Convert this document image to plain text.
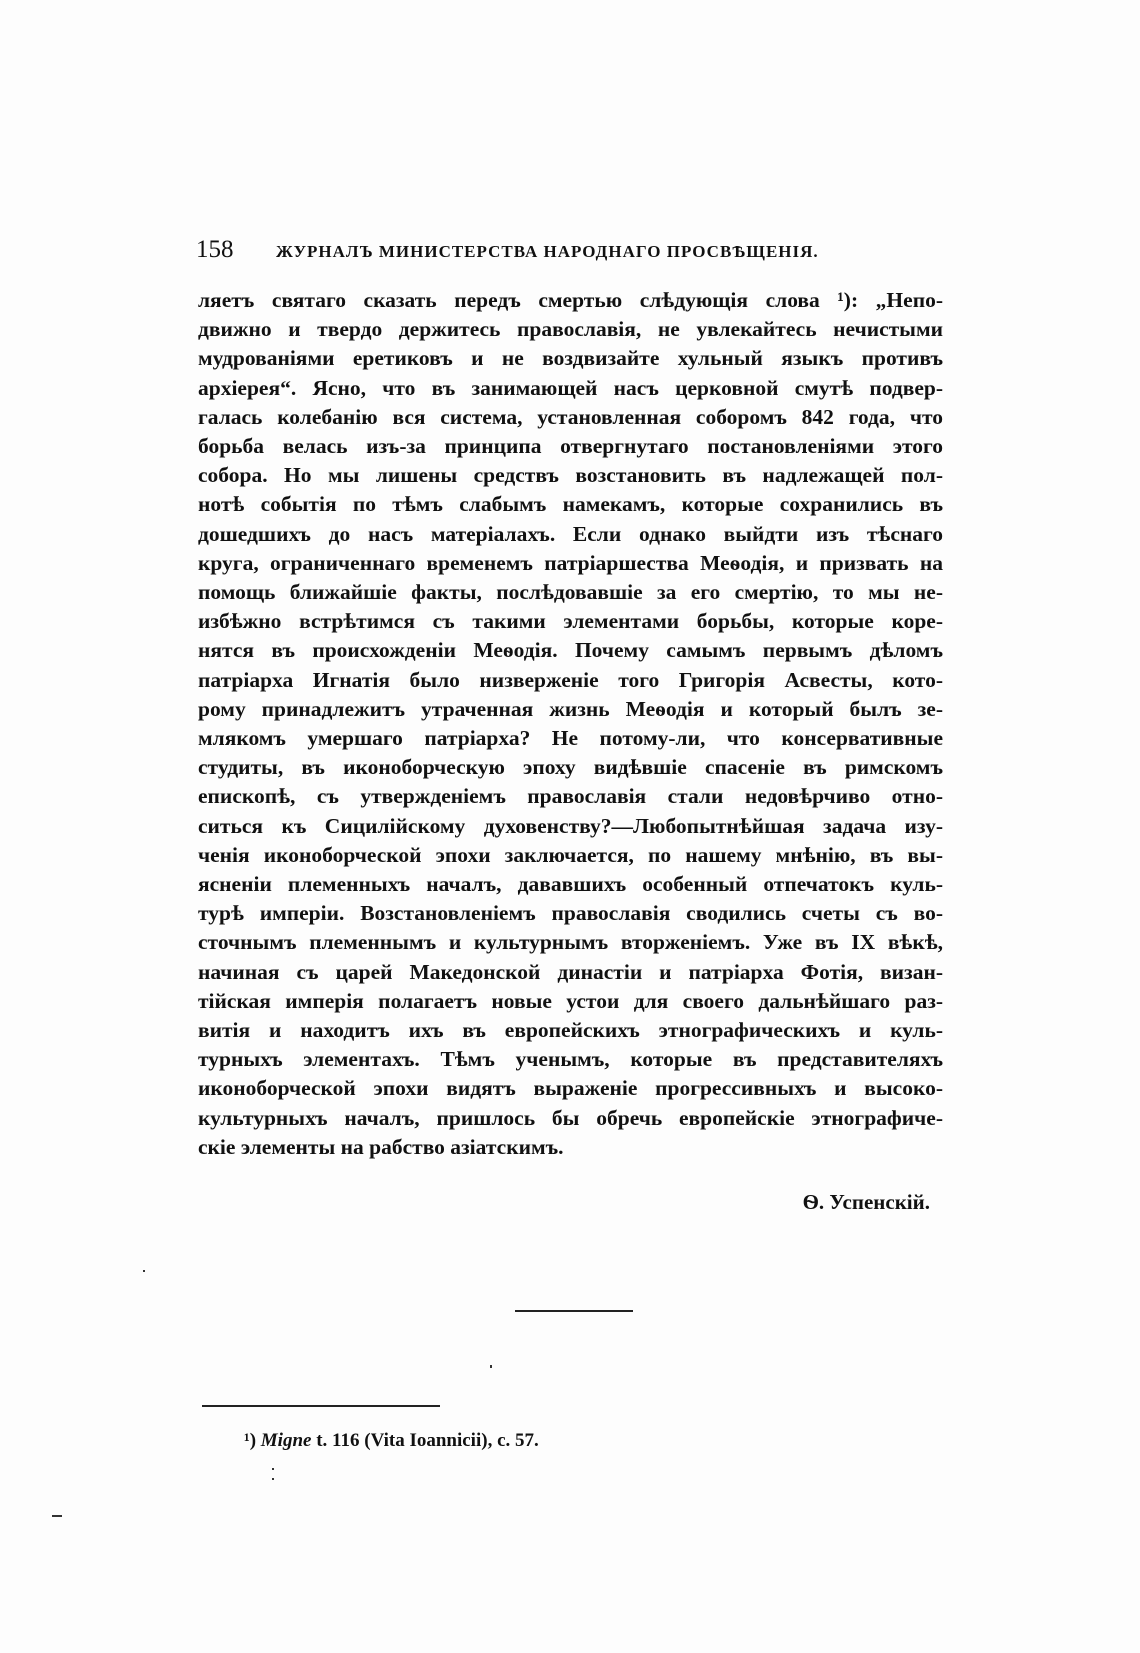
158	ЖУРНАЛЪ МИНИСТЕРСТВА НАРОДНАГО ПРОСВѢЩЕНІЯ.
ляетъ святаго сказать передъ смертью слѣдующія слова ¹): „Непо-
движно и твердо держитесь православія, не увлекайтесь нечистыми
мудрованіями еретиковъ и не воздвизайте хульный языкъ противъ
архіерея“. Ясно, что въ занимающей насъ церковной смутѣ подвер-
галась колебанію вся система, установленная соборомъ 842 года, что
борьба велась изъ-за принципа отвергнутаго постановленіями этого
собора. Но мы лишены средствъ возстановить въ надлежащей пол-
нотѣ событія по тѣмъ слабымъ намекамъ, которые сохранились въ
дошедшихъ до насъ матеріалахъ. Если однако выйдти изъ тѣснаго
круга, ограниченнаго временемъ патріаршества Меѳодія, и призвать на
помощь ближайшіе факты, послѣдовавшіе за его смертію, то мы не-
избѣжно встрѣтимся съ такими элементами борьбы, которые коре-
нятся въ происхожденіи Меѳодія. Почему самымъ первымъ дѣломъ
патріарха Игнатія было низверженіе того Григорія Асвесты, кото-
рому принадлежитъ утраченная жизнь Меѳодія и который былъ зе-
млякомъ умершаго патріарха? Не потому-ли, что консервативные
студиты, въ иконоборческую эпоху видѣвшіе спасеніе въ римскомъ
епископѣ, съ утвержденіемъ православія стали недовѣрчиво отно-
ситься къ Сицилійскому духовенству?—Любопытнѣйшая задача изу-
ченія иконоборческой эпохи заключается, по нашему мнѣнію, въ вы-
ясненіи племенныхъ началъ, дававшихъ особенный отпечатокъ куль-
турѣ имперіи. Возстановленіемъ православія сводились счеты съ во-
сточнымъ племеннымъ и культурнымъ вторженіемъ. Уже въ IX вѣкѣ,
начиная съ царей Македонской династіи и патріарха Фотія, визан-
тійская имперія полагаетъ новые устои для своего дальнѣйшаго раз-
витія и находитъ ихъ въ европейскихъ этнографическихъ и куль-
турныхъ элементахъ. Тѣмъ ученымъ, которые въ представителяхъ
иконоборческой эпохи видятъ выраженіе прогрессивныхъ и высоко-
культурныхъ началъ, пришлось бы обречь европейскіе этнографиче-
скіе элементы на рабство азіатскимъ.
Ѳ. Успенскій.
¹) Migne t. 116 (Vita Ioannicii), c. 57.
